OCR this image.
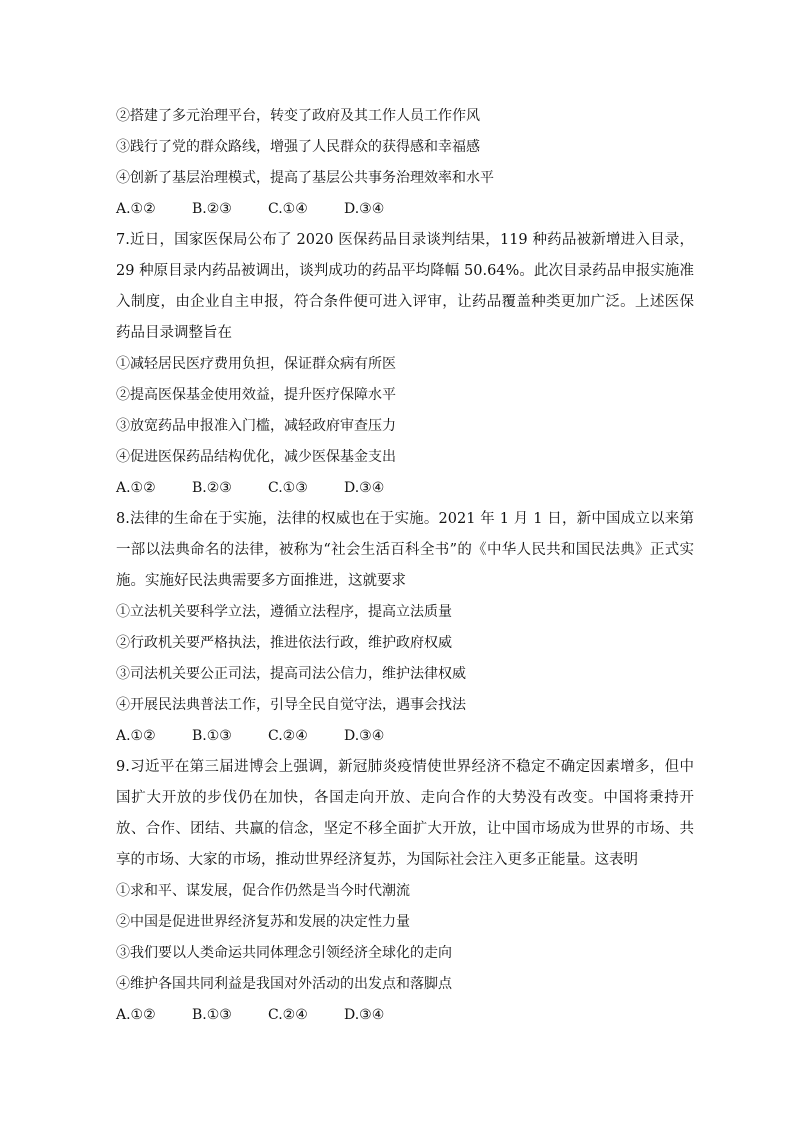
②搭建了多元治理平台，转变了政府及其工作人员工作作风
③践行了党的群众路线，增强了人民群众的获得感和幸福感
④创新了基层治理模式，提高了基层公共事务治理效率和水平
A.①②	B.②③	C.①④	D.③④

7.近日，国家医保局公布了 2020 医保药品目录谈判结果，119 种药品被新增进入目录，29 种原目录内药品被调出，谈判成功的药品平均降幅 50.64%。此次目录药品申报实施准入制度，由企业自主申报，符合条件便可进入评审，让药品覆盖种类更加广泛。上述医保药品目录调整旨在

①减轻居民医疗费用负担，保证群众病有所医
②提高医保基金使用效益，提升医疗保障水平
③放宽药品申报准入门槛，减轻政府审查压力
④促进医保药品结构优化，减少医保基金支出
A.①②	B.②③	C.①③	D.③④

8.法律的生命在于实施，法律的权威也在于实施。2021 年 1 月 1 日，新中国成立以来第一部以法典命名的法律，被称为“社会生活百科全书”的《中华人民共和国民法典》正式实施。实施好民法典需要多方面推进，这就要求

①立法机关要科学立法，遵循立法程序，提高立法质量
②行政机关要严格执法，推进依法行政，维护政府权威
③司法机关要公正司法，提高司法公信力，维护法律权威
④开展民法典普法工作，引导全民自觉守法，遇事会找法
A.①②	B.①③	C.②④	D.③④

9.习近平在第三届进博会上强调，新冠肺炎疫情使世界经济不稳定不确定因素增多，但中国扩大开放的步伐仍在加快，各国走向开放、走向合作的大势没有改变。中国将秉持开放、合作、团结、共赢的信念，坚定不移全面扩大开放，让中国市场成为世界的市场、共享的市场、大家的市场，推动世界经济复苏，为国际社会注入更多正能量。这表明

①求和平、谋发展，促合作仍然是当今时代潮流
②中国是促进世界经济复苏和发展的决定性力量
③我们要以人类命运共同体理念引领经济全球化的走向
④维护各国共同利益是我国对外活动的出发点和落脚点
A.①②	B.①③	C.②④	D.③④
